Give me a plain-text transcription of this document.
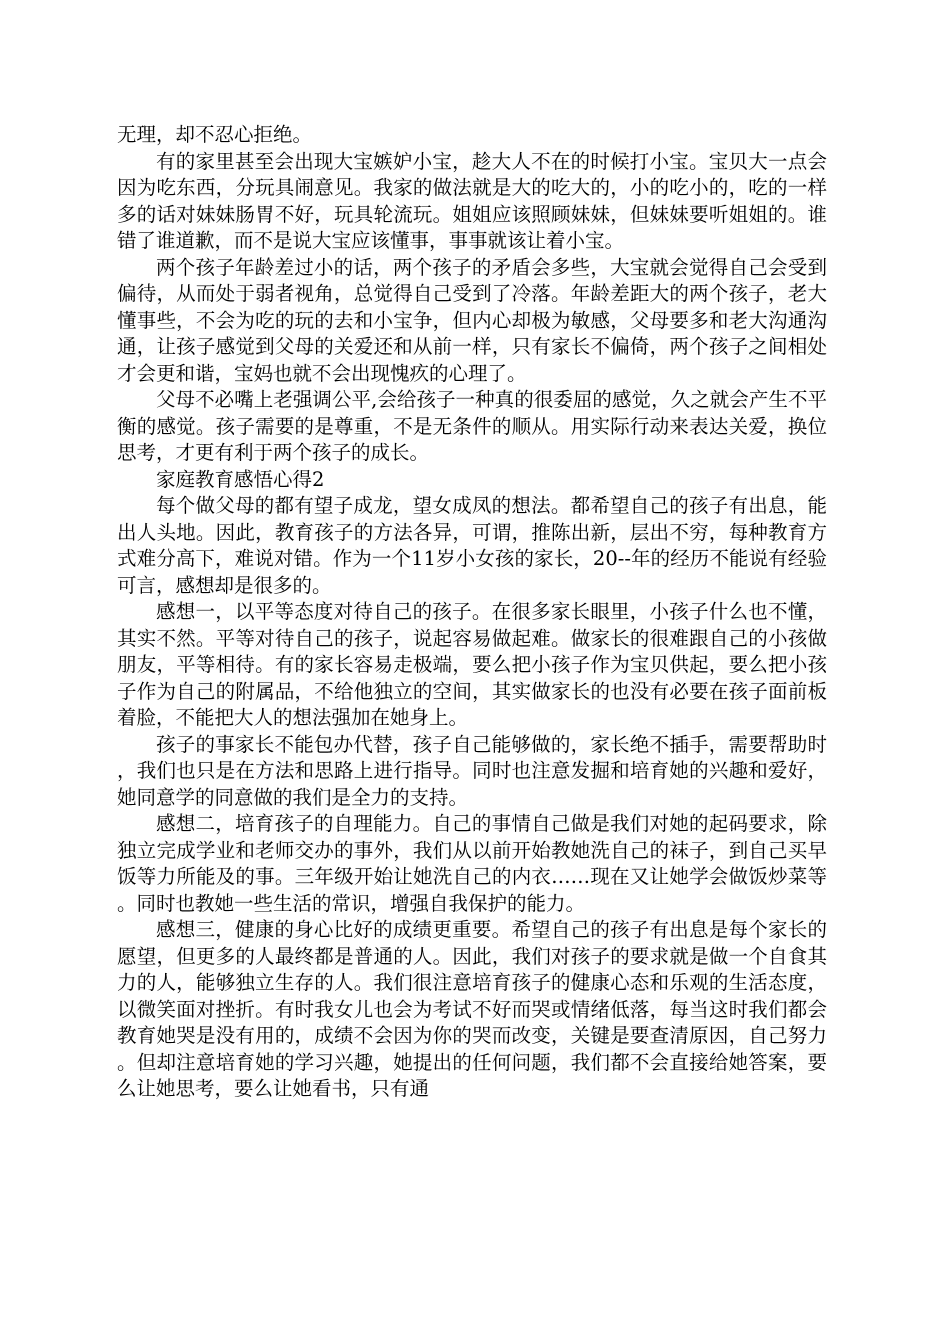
无理，却不忍心拒绝。

有的家里甚至会出现大宝嫉妒小宝，趁大人不在的时候打小宝。宝贝大一点会因为吃东西，分玩具闹意见。我家的做法就是大的吃大的，小的吃小的，吃的一样多的话对妹妹肠胃不好，玩具轮流玩。姐姐应该照顾妹妹，但妹妹要听姐姐的。谁错了谁道歉，而不是说大宝应该懂事，事事就该让着小宝。

两个孩子年龄差过小的话，两个孩子的矛盾会多些，大宝就会觉得自己会受到偏待，从而处于弱者视角，总觉得自己受到了冷落。年龄差距大的两个孩子，老大懂事些，不会为吃的玩的去和小宝争，但内心却极为敏感，父母要多和老大沟通沟通，让孩子感觉到父母的关爱还和从前一样，只有家长不偏倚，两个孩子之间相处才会更和谐，宝妈也就不会出现愧疚的心理了。

父母不必嘴上老强调公平,会给孩子一种真的很委屈的感觉，久之就会产生不平衡的感觉。孩子需要的是尊重，不是无条件的顺从。用实际行动来表达关爱，换位思考，才更有利于两个孩子的成长。

家庭教育感悟心得2

每个做父母的都有望子成龙，望女成凤的想法。都希望自己的孩子有出息，能出人头地。因此，教育孩子的方法各异，可谓，推陈出新，层出不穷，每种教育方式难分高下，难说对错。作为一个11岁小女孩的家长，20--年的经历不能说有经验可言，感想却是很多的。

感想一，以平等态度对待自己的孩子。在很多家长眼里，小孩子什么也不懂，其实不然。平等对待自己的孩子，说起容易做起难。做家长的很难跟自己的小孩做朋友，平等相待。有的家长容易走极端，要么把小孩子作为宝贝供起，要么把小孩子作为自己的附属品，不给他独立的空间，其实做家长的也没有必要在孩子面前板着脸，不能把大人的想法强加在她身上。

孩子的事家长不能包办代替，孩子自己能够做的，家长绝不插手，需要帮助时，我们也只是在方法和思路上进行指导。同时也注意发掘和培育她的兴趣和爱好，她同意学的同意做的我们是全力的支持。

感想二，培育孩子的自理能力。自己的事情自己做是我们对她的起码要求，除独立完成学业和老师交办的事外，我们从以前开始教她洗自己的袜子，到自己买早饭等力所能及的事。三年级开始让她洗自己的内衣……现在又让她学会做饭炒菜等。同时也教她一些生活的常识，增强自我保护的能力。

感想三，健康的身心比好的成绩更重要。希望自己的孩子有出息是每个家长的愿望，但更多的人最终都是普通的人。因此，我们对孩子的要求就是做一个自食其力的人，能够独立生存的人。我们很注意培育孩子的健康心态和乐观的生活态度，以微笑面对挫折。有时我女儿也会为考试不好而哭或情绪低落，每当这时我们都会教育她哭是没有用的，成绩不会因为你的哭而改变，关键是要查清原因，自己努力。但却注意培育她的学习兴趣，她提出的任何问题，我们都不会直接给她答案，要么让她思考，要么让她看书，只有通
